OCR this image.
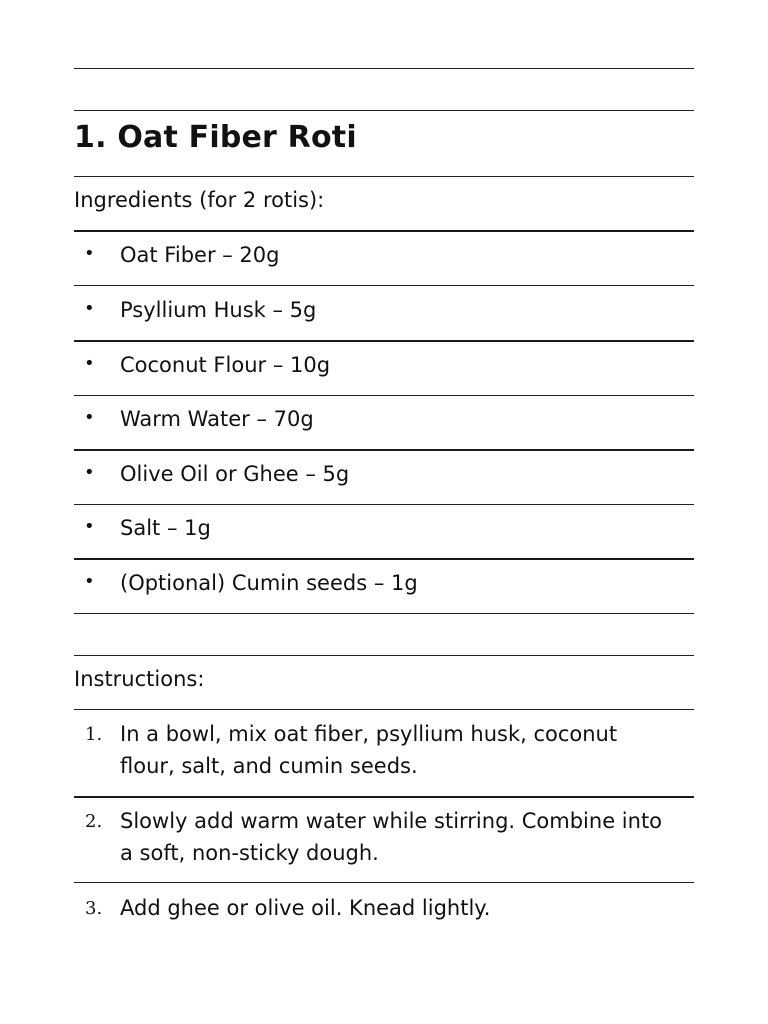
1. Oat Fiber Roti
Ingredients (for 2 rotis):
• Oat Fiber – 20g
• Psyllium Husk – 5g
• Coconut Flour – 10g
• Warm Water – 70g
• Olive Oil or Ghee – 5g
• Salt – 1g
• (Optional) Cumin seeds – 1g
Instructions:
1. In a bowl, mix oat fiber, psyllium husk, coconut flour, salt, and cumin seeds.
2. Slowly add warm water while stirring. Combine into a soft, non-sticky dough.
3. Add ghee or olive oil. Knead lightly.
